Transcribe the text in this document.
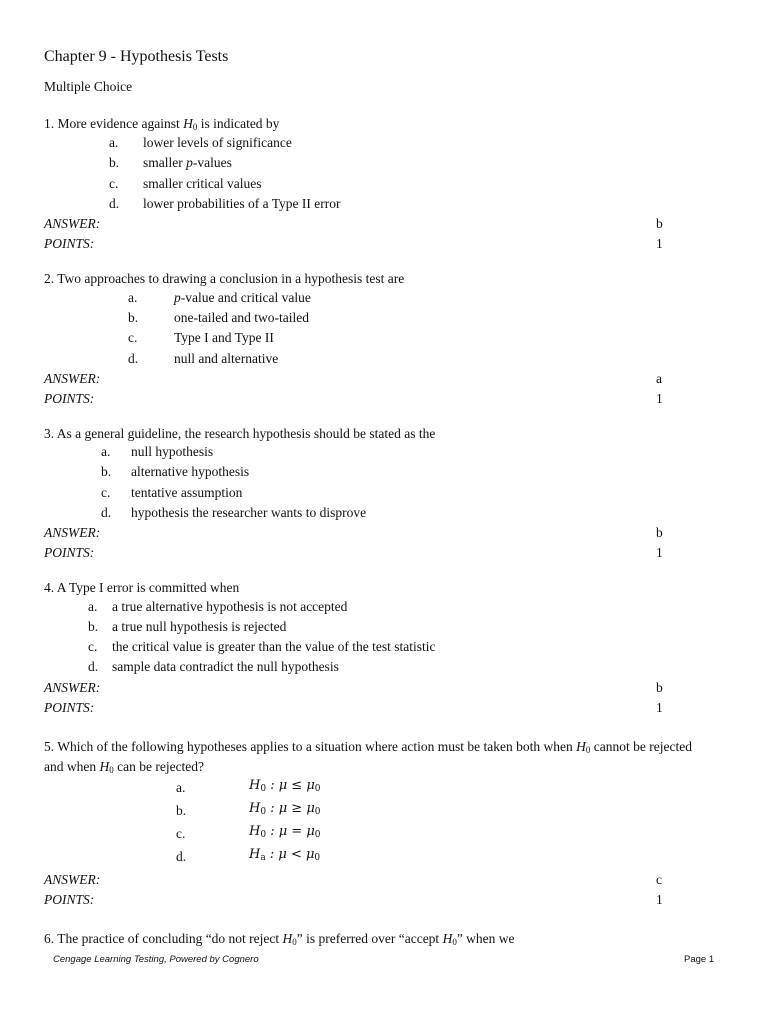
Chapter 9 - Hypothesis Tests
Multiple Choice
1. More evidence against $H_0$ is indicated by
a. lower levels of significance
b. smaller p-values
c. smaller critical values
d. lower probabilities of a Type II error
ANSWER:	b
POINTS:	1
2. Two approaches to drawing a conclusion in a hypothesis test are
a.	p-value and critical value
b.	one-tailed and two-tailed
c.	Type I and Type II
d.	null and alternative
ANSWER:	a
POINTS:	1
3. As a general guideline, the research hypothesis should be stated as the
a. null hypothesis
b. alternative hypothesis
c. tentative assumption
d. hypothesis the researcher wants to disprove
ANSWER:	b
POINTS:	1
4. A Type I error is committed when
a. a true alternative hypothesis is not accepted
b. a true null hypothesis is rejected
c. the critical value is greater than the value of the test statistic
d. sample data contradict the null hypothesis
ANSWER:	b
POINTS:	1
5. Which of the following hypotheses applies to a situation where action must be taken both when $H_0$ cannot be rejected
and when $H_0$ can be rejected?
a.	$H_0$ : $\mu \le \mu_0$
b.	$H_0$ : $\mu \ge \mu_0$
c.	$H_0$ : $\mu = \mu_0$
d.	$H_a$ : $\mu < \mu_0$
ANSWER:	c
POINTS:	1
6. The practice of concluding “do not reject $H_0$” is preferred over “accept $H_0$” when we
Cengage Learning Testing, Powered by Cognero	Page 1
